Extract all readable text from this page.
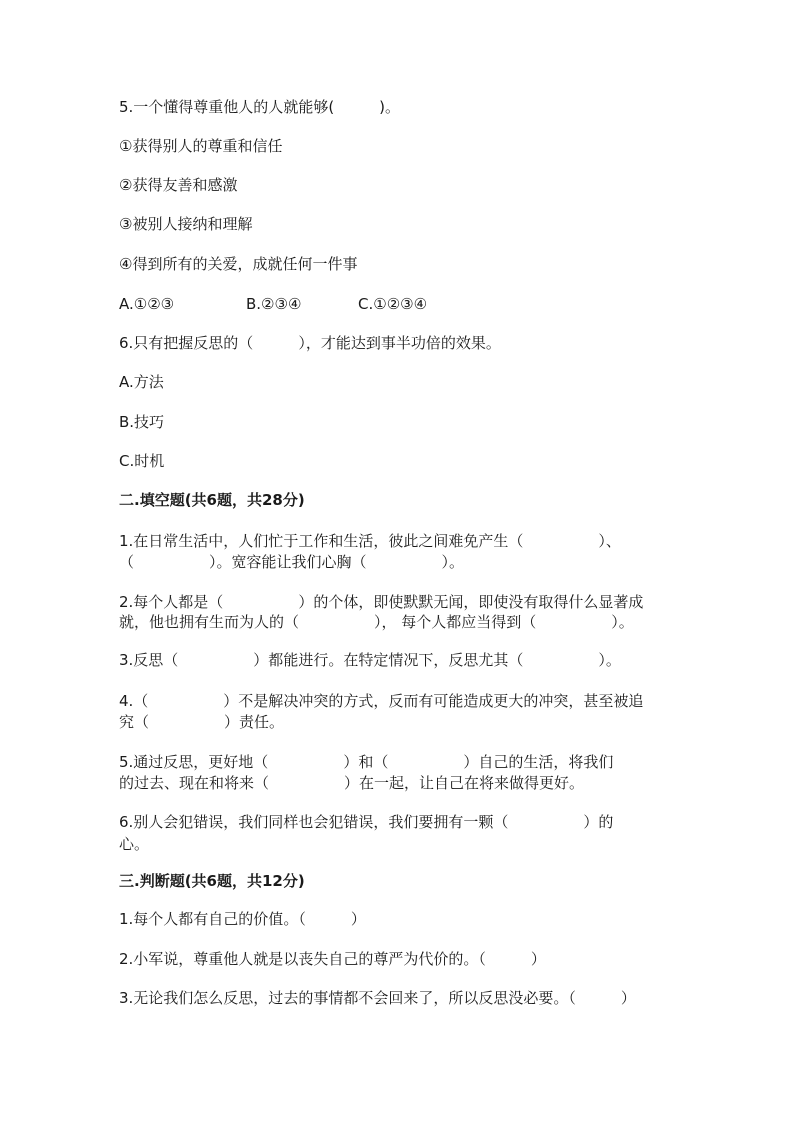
5.一个懂得尊重他人的人就能够(　　　)。
①获得别人的尊重和信任
②获得友善和感激
③被别人接纳和理解
④得到所有的关爱，成就任何一件事
A.①②③	B.②③④	C.①②③④
6.只有把握反思的（　　　），才能达到事半功倍的效果。
A.方法
B.技巧
C.时机
二.填空题(共6题，共28分)
1.在日常生活中，人们忙于工作和生活，彼此之间难免产生（　　　　　）、
（　　　　　）。宽容能让我们心胸（　　　　　）。
2.每个人都是（　　　　　）的个体，即使默默无闻，即使没有取得什么显著成
就，他也拥有生而为人的（　　　　　）， 每个人都应当得到（　　　　　）。
3.反思（　　　　　）都能进行。在特定情况下，反思尤其（　　　　　）。
4.（　　　　　）不是解决冲突的方式，反而有可能造成更大的冲突，甚至被追
究（　　　　　）责任。
5.通过反思，更好地（　　　　　）和（　　　　　）自己的生活，将我们
的过去、现在和将来（　　　　　）在一起，让自己在将来做得更好。
6.别人会犯错误，我们同样也会犯错误，我们要拥有一颗（　　　　　）的
心。
三.判断题(共6题，共12分)
1.每个人都有自己的价值。（　　　）
2.小军说，尊重他人就是以丧失自己的尊严为代价的。（　　　）
3.无论我们怎么反思，过去的事情都不会回来了，所以反思没必要。（　　　）
